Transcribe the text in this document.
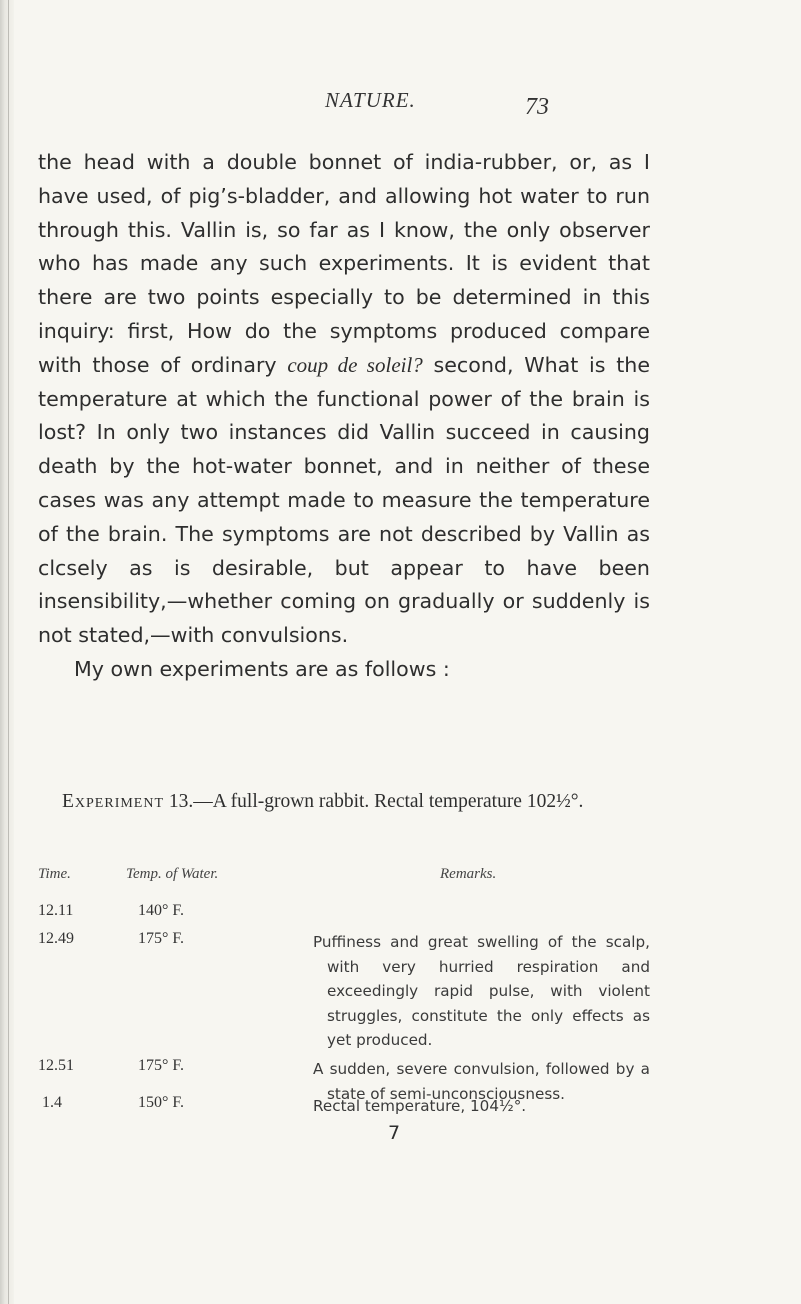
NATURE.	73

the head with a double bonnet of india-rubber, or, as I have used, of pig’s-bladder, and allowing hot water to run through this. Vallin is, so far as I know, the only observer who has made any such experiments. It is evident that there are two points especially to be determined in this inquiry: first, How do the symptoms produced compare with those of ordinary coup de soleil? second, What is the temperature at which the functional power of the brain is lost? In only two instances did Vallin succeed in causing death by the hot-water bonnet, and in neither of these cases was any attempt made to measure the temperature of the brain. The symptoms are not described by Vallin as clcsely as is desirable, but appear to have been insensibility,—whether coming on gradually or suddenly is not stated,—with convulsions.

My own experiments are as follows :

Experiment 13.—A full-grown rabbit. Rectal temperature 102½°.
Time.	Temp. of Water.	Remarks.
12.11	140° F.
12.49	175° F.	Puffiness and great swelling of the scalp, with very hurried respiration and exceedingly rapid pulse, with violent struggles, constitute the only effects as yet produced.

12.51	175° F.	A sudden, severe convulsion, followed by a state of semi-unconsciousness.

1.4	150° F.	Rectal temperature, 104½°.

7
